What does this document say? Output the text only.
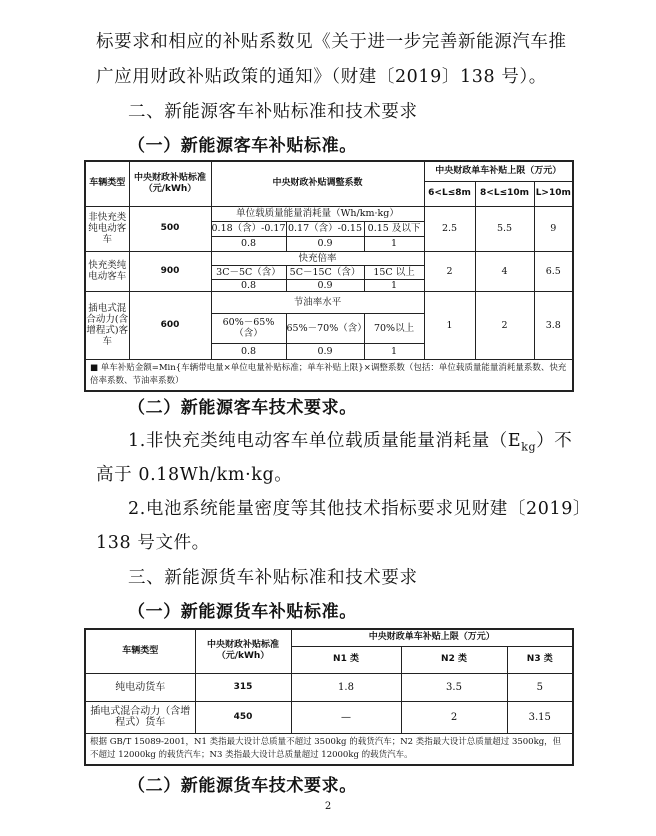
标要求和相应的补贴系数见《关于进一步完善新能源汽车推
广应用财政补贴政策的通知》（财建〔2019〕138 号）。
二、新能源客车补贴标准和技术要求
（一）新能源客车补贴标准。
车辆类型	中央财政补贴标准（元/kWh）	中央财政补贴调整系数			中央财政单车补贴上限（万元）		
					6<L≤8m	8<L≤10m	L>10m
非快充类纯电动客车	500	单位载质量能量消耗量（Wh/km·kg）			2.5	5.5	9
		0.18（含）-0.17	0.17（含）-0.15	0.15 及以下			
		0.8	0.9	1			
快充类纯电动客车	900	快充倍率			2	4	6.5
		3C－5C（含）	5C－15C（含）	15C 以上			
		0.8	0.9	1			
插电式混合动力(含增程式)客车	600	节油率水平			1	2	3.8
		60%－65%（含）	65%－70%（含）	70%以上			
		0.8	0.9	1			
■ 单车补贴金额=Min{车辆带电量×单位电量补贴标准；单车补贴上限}×调整系数（包括：单位载质量能量消耗量系数、快充倍率系数、节油率系数）							
（二）新能源客车技术要求。
1.非快充类纯电动客车单位载质量能量消耗量$(E_{kg})$不
高于 0.18Wh/km·kg。
2.电池系统能量密度等其他技术指标要求见财建〔2019〕
138 号文件。
三、新能源货车补贴标准和技术要求
（一）新能源货车补贴标准。
车辆类型	中央财政补贴标准（元/kWh）	中央财政单车补贴上限（万元）		
		N1 类	N2 类	N3 类
纯电动货车	315	1.8	3.5	5
插电式混合动力（含增程式）货车	450	—	2	3.15
根据 GB/T 15089-2001，N1 类指最大设计总质量不超过 3500kg 的载货汽车；N2 类指最大设计总质量超过 3500kg，但不超过 12000kg 的载货汽车；N3 类指最大设计总质量超过 12000kg 的载货汽车。				
（二）新能源货车技术要求。
2
